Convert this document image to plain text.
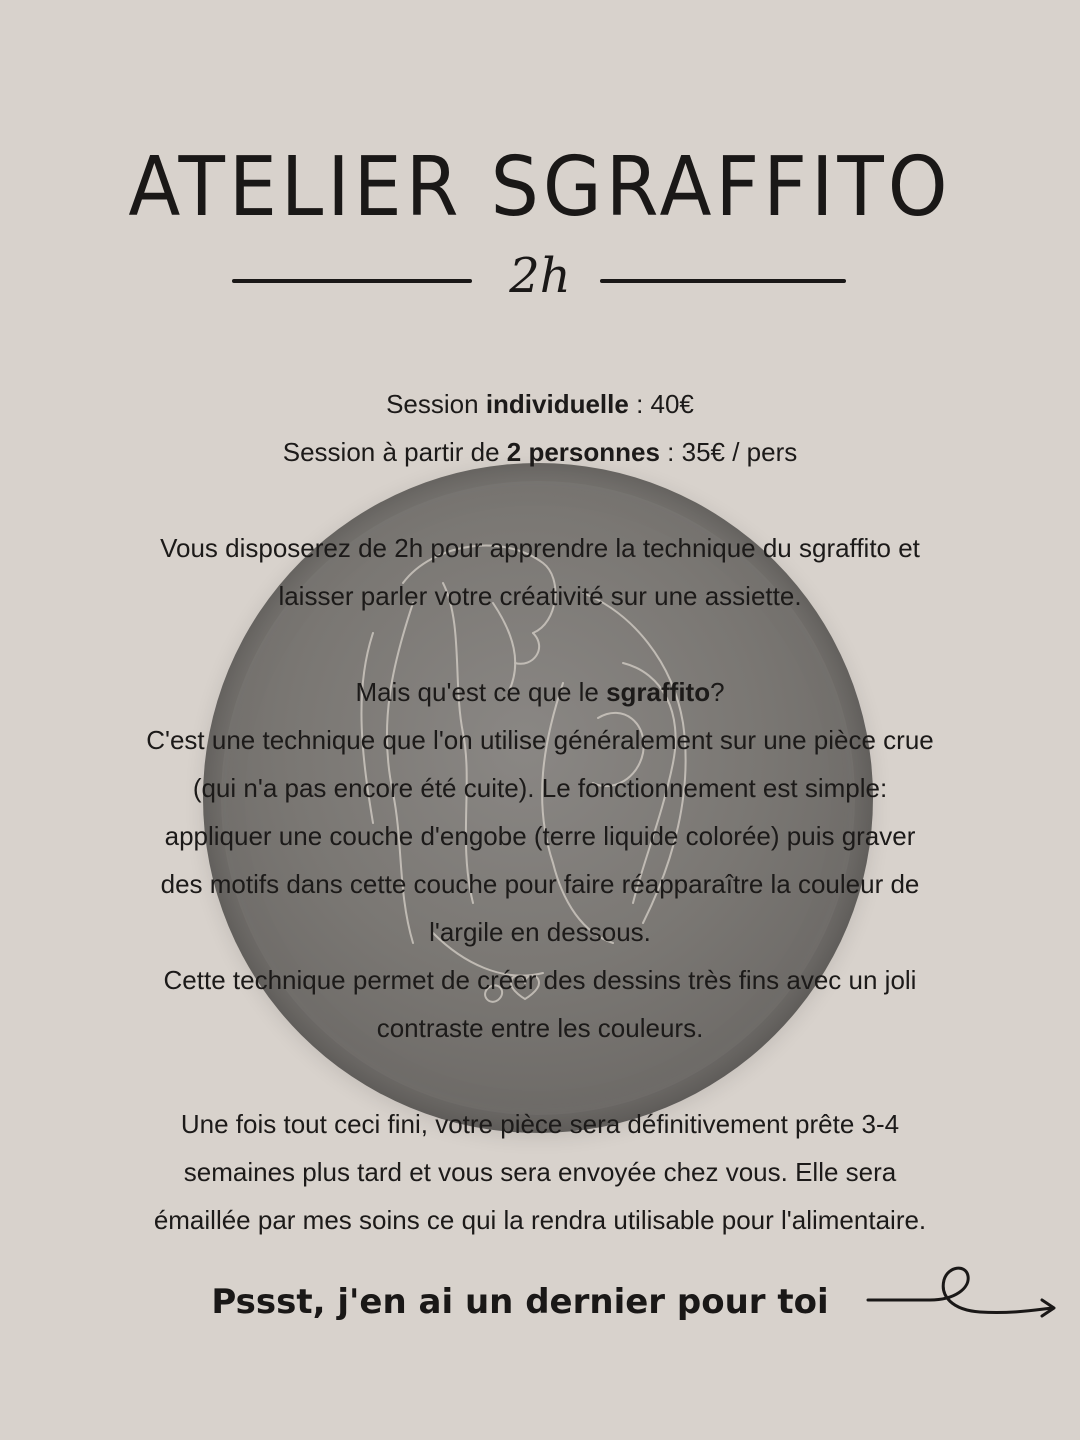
ATELIER SGRAFFITO
2h

Session individuelle : 40€

Session à partir de 2 personnes : 35€ / pers

Vous disposerez de 2h pour apprendre la technique du sgraffito et

laisser parler votre créativité sur une assiette.

Mais qu'est ce que le sgraffito?

C'est une technique que l'on utilise généralement sur une pièce crue

(qui n'a pas encore été cuite). Le fonctionnement est simple:

appliquer une couche d'engobe (terre liquide colorée) puis graver

des motifs dans cette couche pour faire réapparaître la couleur de

l'argile en dessous.

Cette technique permet de créer des dessins très fins avec un joli

contraste entre les couleurs.

Une fois tout ceci fini, votre pièce sera définitivement prête 3-4

semaines plus tard et vous sera envoyée chez vous. Elle sera

émaillée par mes soins ce qui la rendra utilisable pour l'alimentaire.

Pssst, j'en ai un dernier pour toi
